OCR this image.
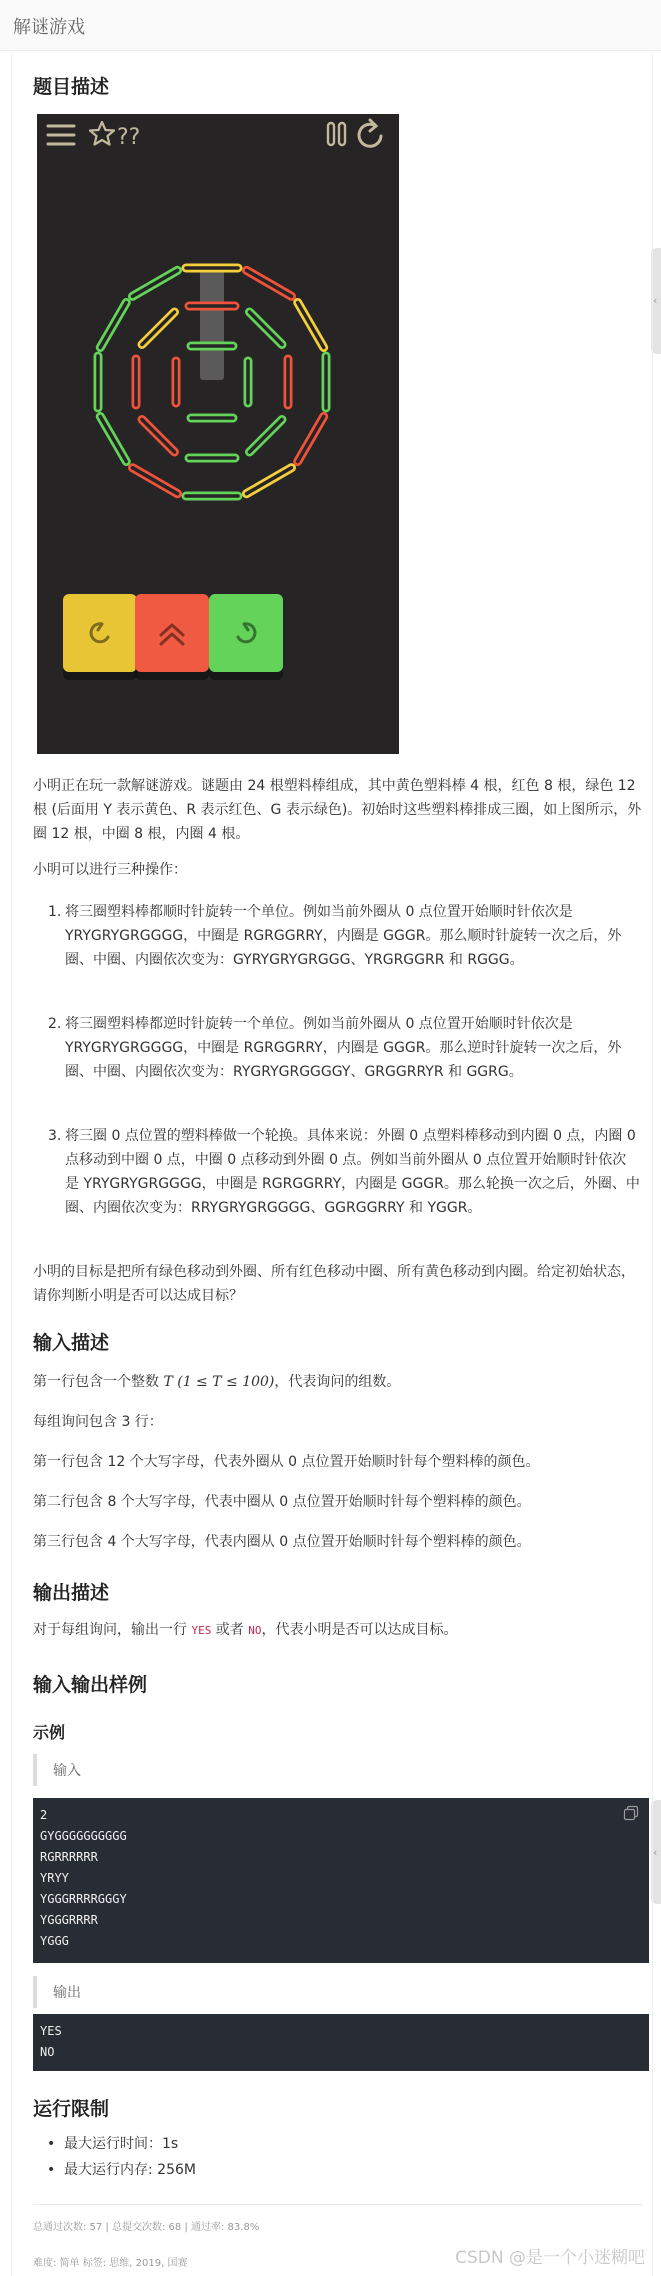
解谜游戏
‹
‹
题目描述
??

小明正在玩一款解谜游戏。谜题由 24 根塑料棒组成，其中黄色塑料棒 4 根，红色 8 根，绿色 12 根 (后面用 Y 表示黄色、R 表示红色、G 表示绿色)。初始时这些塑料棒排成三圈，如上图所示，外圈 12 根，中圈 8 根，内圈 4 根。

小明可以进行三种操作：

1. 将三圈塑料棒都顺时针旋转一个单位。例如当前外圈从 0 点位置开始顺时针依次是 YRYGRYGRGGGG，中圈是 RGRGGRRY，内圈是 GGGR。那么顺时针旋转一次之后，外圈、中圈、内圈依次变为：GYRYGRYGRGGG、YRGRGGRR 和 RGGG。
2. 将三圈塑料棒都逆时针旋转一个单位。例如当前外圈从 0 点位置开始顺时针依次是 YRYGRYGRGGGG，中圈是 RGRGGRRY，内圈是 GGGR。那么逆时针旋转一次之后，外圈、中圈、内圈依次变为：RYGRYGRGGGGY、GRGGRRYR 和 GGRG。
3. 将三圈 0 点位置的塑料棒做一个轮换。具体来说：外圈 0 点塑料棒移动到内圈 0 点，内圈 0 点移动到中圈 0 点，中圈 0 点移动到外圈 0 点。例如当前外圈从 0 点位置开始顺时针依次是 YRYGRYGRGGGG，中圈是 RGRGGRRY，内圈是 GGGR。那么轮换一次之后，外圈、中圈、内圈依次变为：RRYGRYGRGGGG、GGRGGRRY 和 YGGR。

小明的目标是把所有绿色移动到外圈、所有红色移动中圈、所有黄色移动到内圈。给定初始状态，请你判断小明是否可以达成目标？

输入描述

第一行包含一个整数 T (1 ≤ T ≤ 100)，代表询问的组数。

每组询问包含 3 行：

第一行包含 12 个大写字母，代表外圈从 0 点位置开始顺时针每个塑料棒的颜色。

第二行包含 8 个大写字母，代表中圈从 0 点位置开始顺时针每个塑料棒的颜色。

第三行包含 4 个大写字母，代表内圈从 0 点位置开始顺时针每个塑料棒的颜色。

输出描述

对于每组询问，输出一行 YES 或者 NO，代表小明是否可以达成目标。

输入输出样例
示例
输入
2
GYGGGGGGGGGG
RGRRRRRR
YRYY
YGGGRRRRGGGY
YGGGRRRR
YGGG
输出
YES
NO
运行限制
• 最大运行时间：1s
• 最大运行内存: 256M
总通过次数: 57 | 总提交次数: 68 | 通过率: 83.8%
难度: 简单 标签: 思维, 2019, 国赛	CSDN @是一个小迷糊吧
